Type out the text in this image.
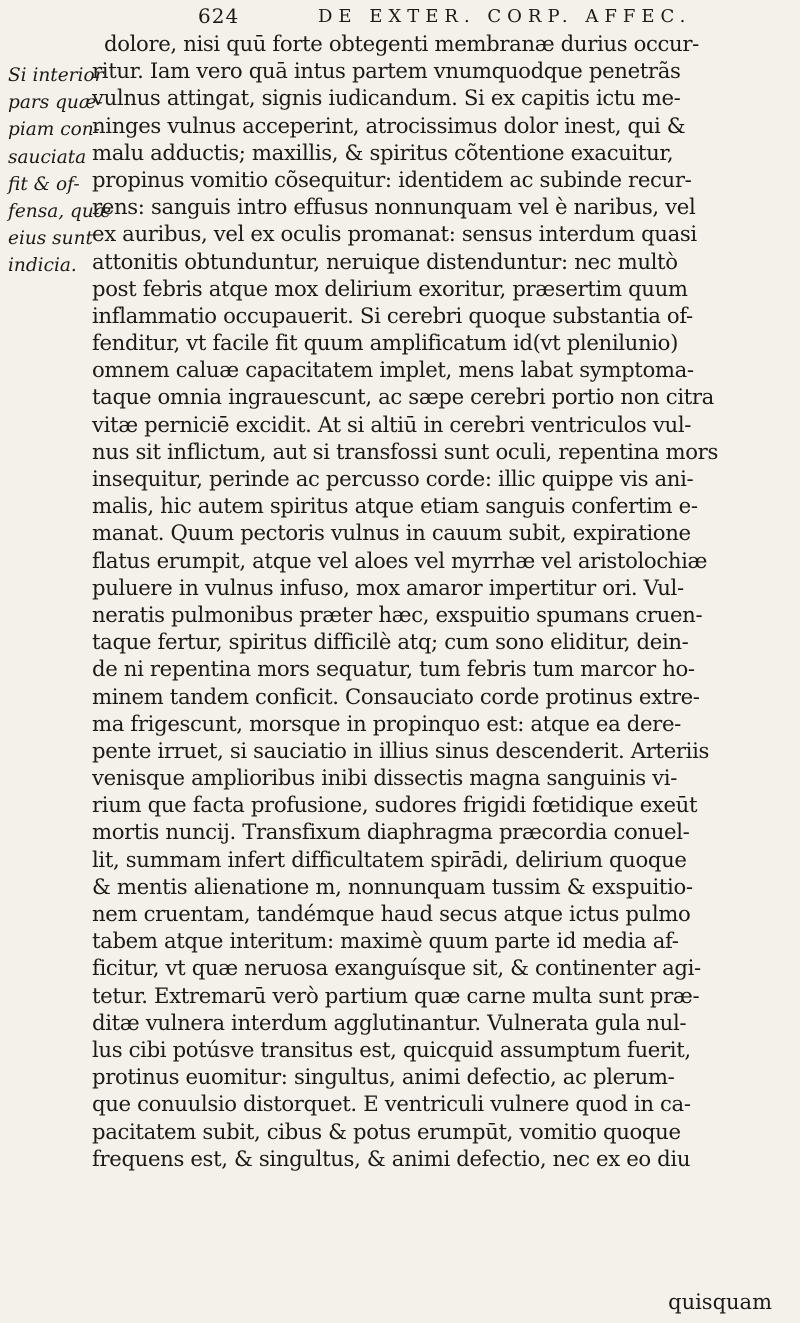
624	DE EXTER. CORP. AFFEC.
Si interior
pars quæ-
piam con-
sauciata
fit & of-
fensa, quæ
eius sunt
indicia.
dolore, nisi quū forte obtegenti membranæ durius occur-
ritur. Iam vero quā intus partem vnumquodque penetrãs
vulnus attingat, signis iudicandum. Si ex capitis ictu me-
ninges vulnus acceperint, atrocissimus dolor inest, qui &
malu adductis; maxillis, & spiritus cõtentione exacuitur,
propinus vomitio cõsequitur: identidem ac subinde recur-
rens: sanguis intro effusus nonnunquam vel è naribus, vel
ex auribus, vel ex oculis promanat: sensus interdum quasi
attonitis obtunduntur, neruique distenduntur: nec multò
post febris atque mox delirium exoritur, præsertim quum
inflammatio occupauerit. Si cerebri quoque substantia of-
fenditur, vt facile fit quum amplificatum id(vt plenilunio)
omnem caluæ capacitatem implet, mens labat symptoma-
taque omnia ingrauescunt, ac sæpe cerebri portio non citra
vitæ perniciē excidit. At si altiū in cerebri ventriculos vul-
nus sit inflictum, aut si transfossi sunt oculi, repentina mors
insequitur, perinde ac percusso corde: illic quippe vis ani-
malis, hic autem spiritus atque etiam sanguis confertim e-
manat. Quum pectoris vulnus in cauum subit, expiratione
flatus erumpit, atque vel aloes vel myrrhæ vel aristolochiæ
puluere in vulnus infuso, mox amaror impertitur ori. Vul-
neratis pulmonibus præter hæc, exspuitio spumans cruen-
taque fertur, spiritus difficilè atq; cum sono eliditur, dein-
de ni repentina mors sequatur, tum febris tum marcor ho-
minem tandem conficit. Consauciato corde protinus extre-
ma frigescunt, morsque in propinquo est: atque ea dere-
pente irruet, si sauciatio in illius sinus descenderit. Arteriis
venisque amplioribus inibi dissectis magna sanguinis vi-
rium que facta profusione, sudores frigidi fœtidique exeūt
mortis nuncij. Transfixum diaphragma præcordia conuel-
lit, summam infert difficultatem spirādi, delirium quoque
& mentis alienatione m, nonnunquam tussim & exspuitio-
nem cruentam, tandémque haud secus atque ictus pulmo
tabem atque interitum: maximè quum parte id media af-
ficitur, vt quæ neruosa exanguísque sit, & continenter agi-
tetur. Extremarū verò partium quæ carne multa sunt præ-
ditæ vulnera interdum agglutinantur. Vulnerata gula nul-
lus cibi potúsve transitus est, quicquid assumptum fuerit,
protinus euomitur: singultus, animi defectio, ac plerum-
que conuulsio distorquet. E ventriculi vulnere quod in ca-
pacitatem subit, cibus & potus erumpūt, vomitio quoque
frequens est, & singultus, & animi defectio, nec ex eo diu
quisquam
